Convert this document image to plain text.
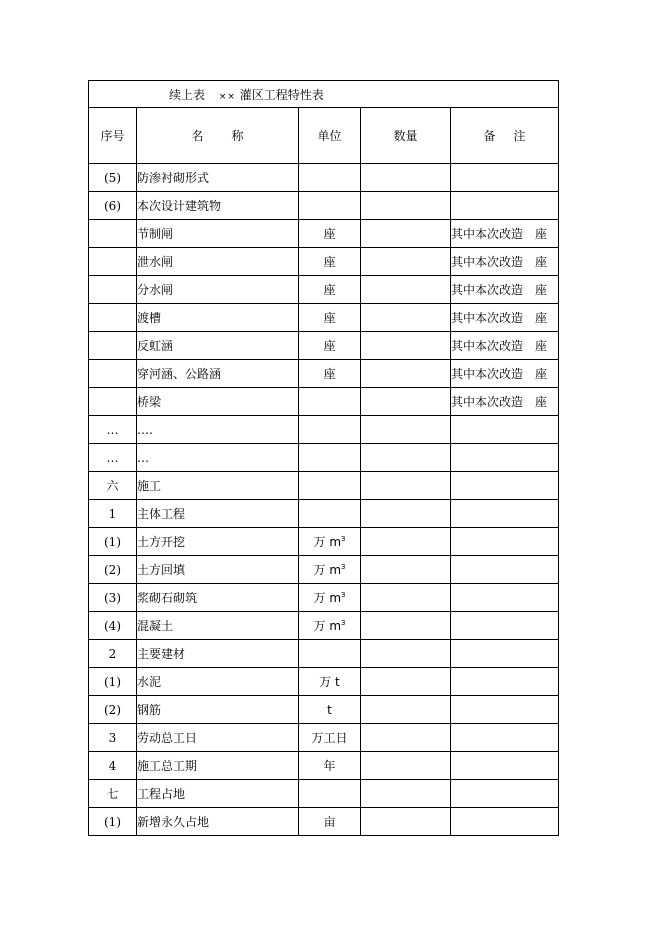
续上表 ×× 灌区工程特性表				
序号	名称	单位	数量	备注
(5)	防渗衬砌形式			
(6)	本次设计建筑物			
	节制闸	座		其中本次改造　座
	泄水闸	座		其中本次改造　座
	分水闸	座		其中本次改造　座
	渡槽	座		其中本次改造　座
	反虹涵	座		其中本次改造　座
	穿河涵、公路涵	座		其中本次改造　座
	桥梁			其中本次改造　座
…	….			
…	…			
六	施工			
1	主体工程			
(1)	土方开挖	万 $m^3$		
(2)	土方回填	万 $m^3$		
(3)	浆砌石砌筑	万 $m^3$		
(4)	混凝土	万 $m^3$		
2	主要建材			
(1)	水泥	万 t		
(2)	钢筋	t		
3	劳动总工日	万工日		
4	施工总工期	年		
七	工程占地			
(1)	新增永久占地	亩		
